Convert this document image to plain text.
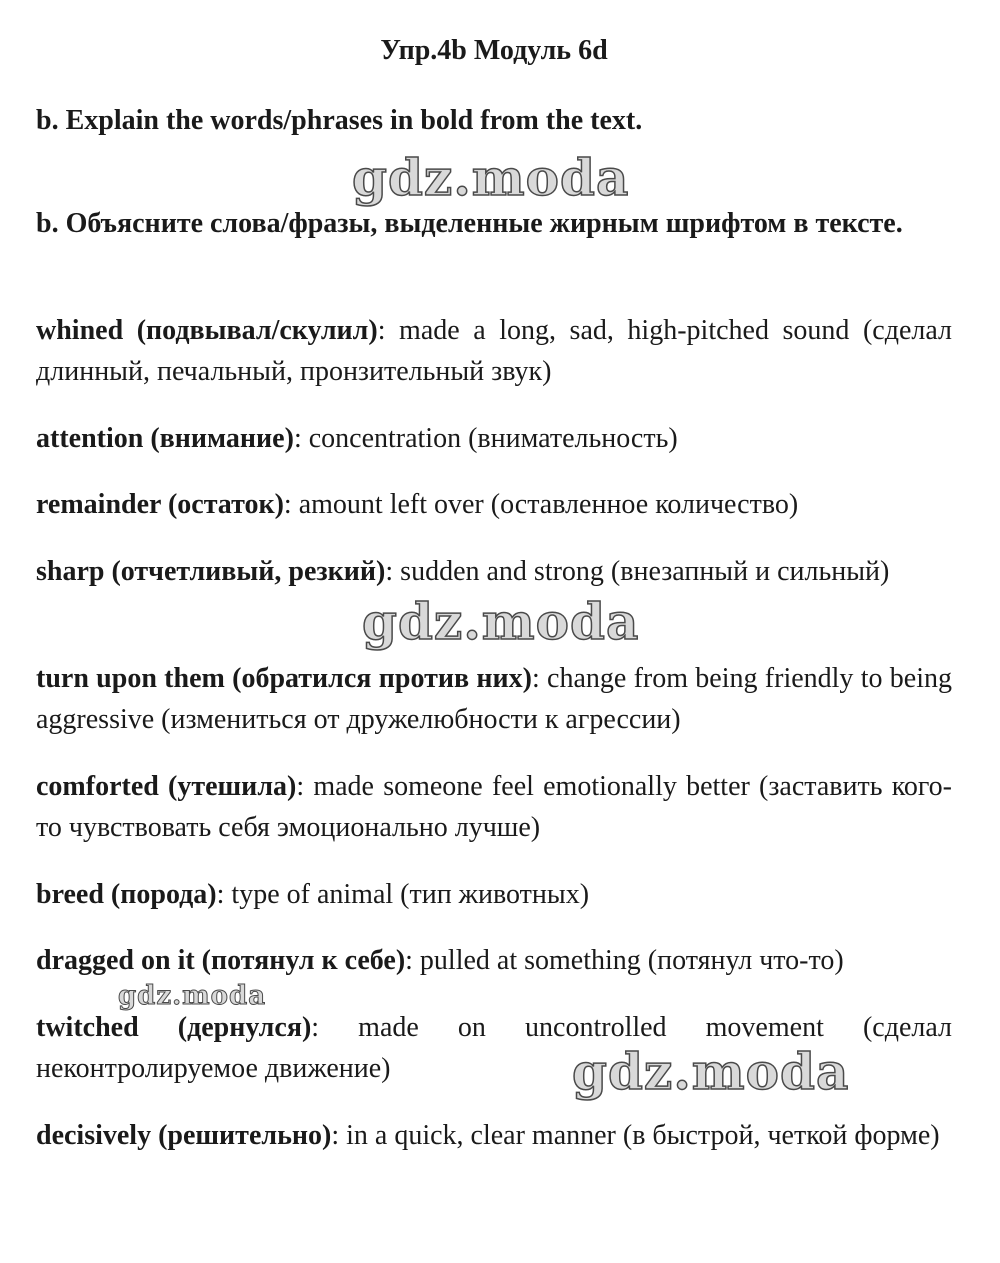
Упр.4b Модуль 6d
b. Explain the words/phrases in bold from the text.
b. Объясните слова/фразы, выделенные жирным шрифтом в тексте.
whined (подвывал/скулил): made a long, sad, high-pitched sound (сделал длинный, печальный, пронзительный звук)
attention (внимание): concentration (внимательность)
remainder (остаток): amount left over (оставленное количество)
sharp (отчетливый, резкий): sudden and strong (внезапный и сильный)
turn upon them (обратился против них): change from being friendly to being aggressive (измениться от дружелюбности к агрессии)
comforted (утешила): made someone feel emotionally better (заставить кого-то чувствовать себя эмоционально лучше)
breed (порода): type of animal (тип животных)
dragged on it (потянул к себе): pulled at something (потянул что-то)
twitched (дернулся): made on uncontrolled movement (сделал неконтролируемое движение)
decisively (решительно): in a quick, clear manner (в быстрой, четкой форме)
gdz.moda
gdz.moda
gdz.moda
gdz.moda
